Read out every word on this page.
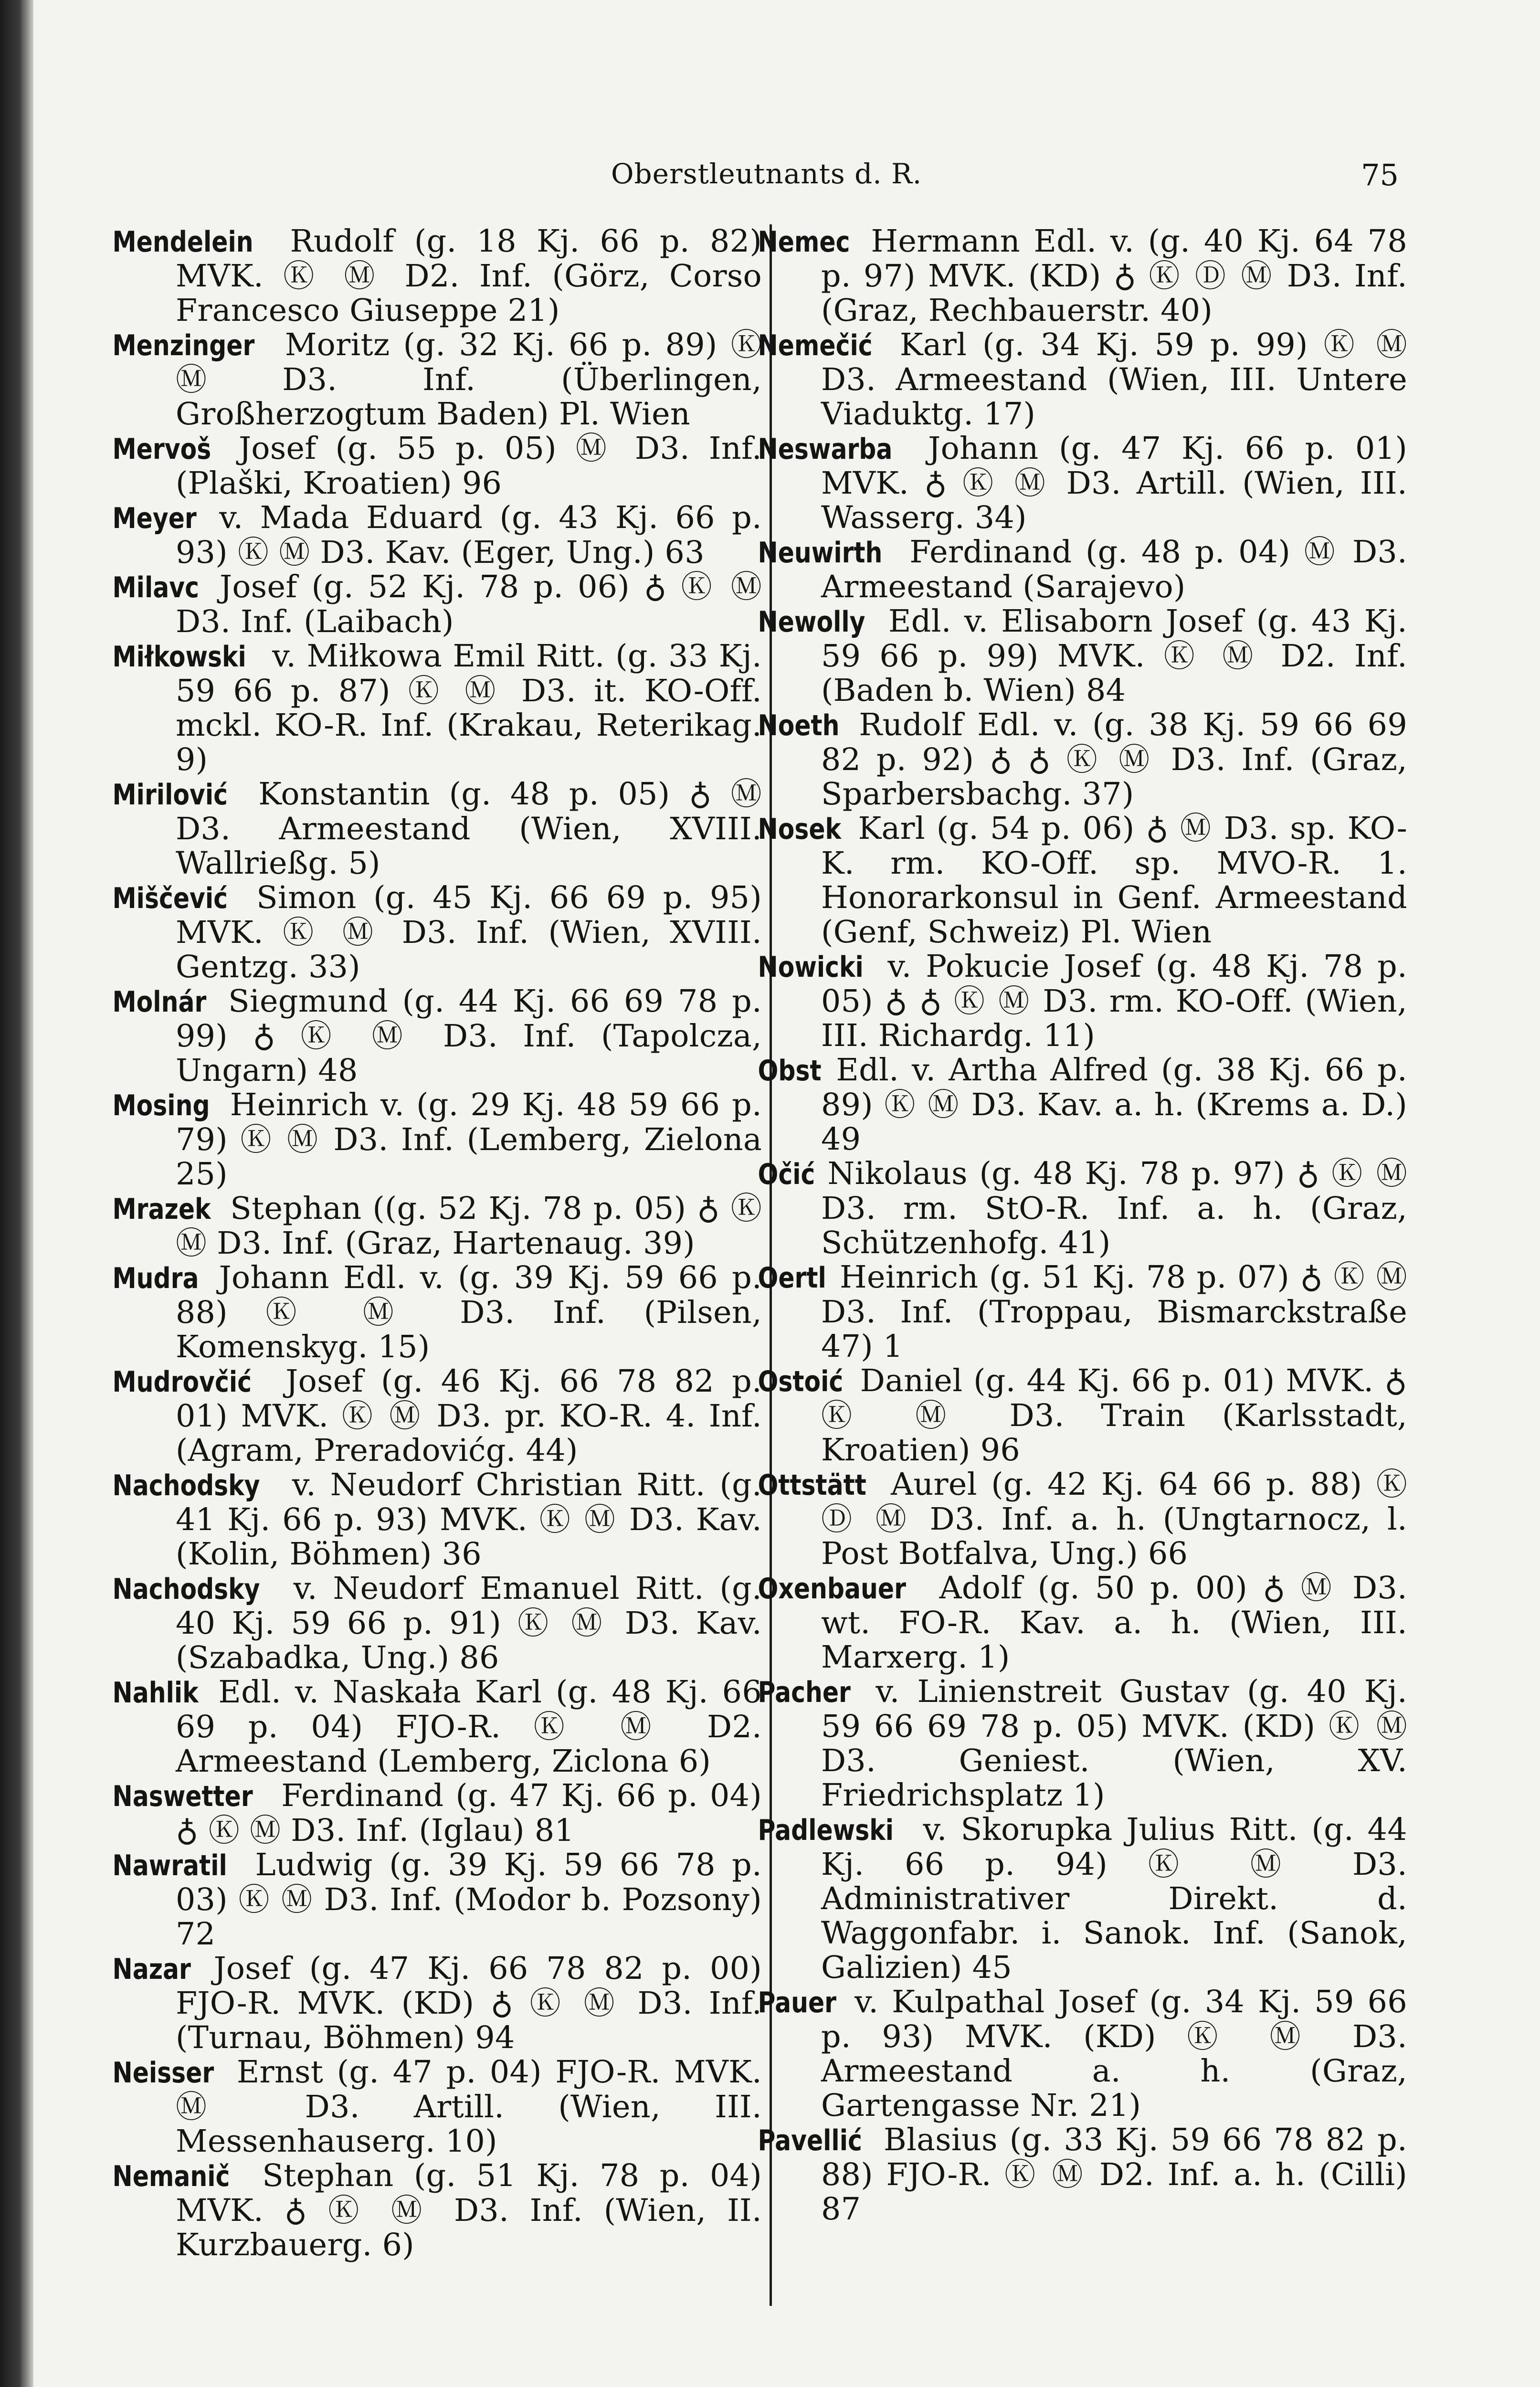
Oberstleutnants d. R.	75

Mendelein Rudolf (g. 18 Kj. 66 p. 82) MVK. Ⓚ Ⓜ D2. Inf. (Görz, Corso Francesco Giuseppe 21)

Menzinger Moritz (g. 32 Kj. 66 p. 89) Ⓚ ⓂD3. Inf. (Überlingen, Großherzogtum Baden) Pl. Wien

Mervoš Josef (g. 55 p. 05) Ⓜ D3. Inf. (Plaški, Kroatien) 96

Meyer v. Mada Eduard (g. 43 Kj. 66 p. 93) Ⓚ Ⓜ D3. Kav. (Eger, Ung.) 63

Milavc Josef (g. 52 Kj. 78 p. 06) ♁ Ⓚ Ⓜ D3. Inf. (Laibach)

Miłkowski v. Miłkowa Emil Ritt. (g. 33 Kj. 59 66 p. 87) Ⓚ Ⓜ D3. it. KO-Off. mckl. KO-R. Inf. (Krakau, Reterikag. 9)

Mirilović Konstantin (g. 48 p. 05) ♁ Ⓜ D3. Armeestand (Wien, XVIII. Wallrießg. 5)

Miščević Simon (g. 45 Kj. 66 69 p. 95) MVK. Ⓚ Ⓜ D3. Inf. (Wien, XVIII. Gentzg. 33)

Molnár Siegmund (g. 44 Kj. 66 69 78 p. 99) ♁ Ⓚ Ⓜ D3. Inf. (Tapolcza, Ungarn) 48

Mosing Heinrich v. (g. 29 Kj. 48 59 66 p. 79) Ⓚ Ⓜ D3. Inf. (Lemberg, Zielona 25)

Mrazek Stephan ((g. 52 Kj. 78 p. 05) ♁ Ⓚ Ⓜ D3. Inf. (Graz, Hartenaug. 39)

Mudra Johann Edl. v. (g. 39 Kj. 59 66 p. 88) Ⓚ Ⓜ D3. Inf. (Pilsen, Komenskyg. 15)

Mudrovčić Josef (g. 46 Kj. 66 78 82 p. 01) MVK. Ⓚ Ⓜ D3. pr. KO-R. 4. Inf. (Agram, Preradovićg. 44)

Nachodsky v. Neudorf Christian Ritt. (g. 41 Kj. 66 p. 93) MVK. Ⓚ Ⓜ D3. Kav. (Kolin, Böhmen) 36

Nachodsky v. Neudorf Emanuel Ritt. (g. 40 Kj. 59 66 p. 91) Ⓚ Ⓜ D3. Kav. (Szabadka, Ung.) 86

Nahlik Edl. v. Naskała Karl (g. 48 Kj. 66 69 p. 04) FJO-R. Ⓚ Ⓜ D2. Armeestand (Lemberg, Ziclona 6)

Naswetter Ferdinand (g. 47 Kj. 66 p. 04) ♁ Ⓚ Ⓜ D3. Inf. (Iglau) 81

Nawratil Ludwig (g. 39 Kj. 59 66 78 p. 03) Ⓚ Ⓜ D3. Inf. (Modor b. Pozsony) 72

Nazar Josef (g. 47 Kj. 66 78 82 p. 00) FJO-R. MVK. (KD) ♁ Ⓚ Ⓜ D3. Inf. (Turnau, Böhmen) 94

Neisser Ernst (g. 47 p. 04) FJO-R. MVK. Ⓜ D3. Artill. (Wien, III. Messenhauserg. 10)

Nemanič Stephan (g. 51 Kj. 78 p. 04) MVK. ♁ Ⓚ Ⓜ D3. Inf. (Wien, II. Kurzbauerg. 6)

Nemec Hermann Edl. v. (g. 40 Kj. 64 78 p. 97) MVK. (KD) ♁ Ⓚ Ⓓ Ⓜ D3. Inf. (Graz, Rechbauerstr. 40)

Nemečić Karl (g. 34 Kj. 59 p. 99) Ⓚ Ⓜ D3. Armeestand (Wien, III. Untere Viaduktg. 17)

Neswarba Johann (g. 47 Kj. 66 p. 01) MVK. ♁ Ⓚ Ⓜ D3. Artill. (Wien, III. Wasserg. 34)

Neuwirth Ferdinand (g. 48 p. 04) Ⓜ D3. Armeestand (Sarajevo)

Newolly Edl. v. Elisaborn Josef (g. 43 Kj. 59 66 p. 99) MVK. Ⓚ Ⓜ D2. Inf. (Baden b. Wien) 84

Noeth Rudolf Edl. v. (g. 38 Kj. 59 66 69 82 p. 92) ♁ ♁ Ⓚ Ⓜ D3. Inf. (Graz, Sparbersbachg. 37)

Nosek Karl (g. 54 p. 06) ♁ Ⓜ D3. sp. KO-K. rm. KO-Off. sp. MVO-R. 1. Honorarkonsul in Genf. Armeestand (Genf, Schweiz) Pl. Wien

Nowicki v. Pokucie Josef (g. 48 Kj. 78 p. 05) ♁ ♁ Ⓚ Ⓜ D3. rm. KO-Off. (Wien, III. Richardg. 11)

Obst Edl. v. Artha Alfred (g. 38 Kj. 66 p. 89) Ⓚ Ⓜ D3. Kav. a. h. (Krems a. D.) 49

Očić Nikolaus (g. 48 Kj. 78 p. 97) ♁ Ⓚ Ⓜ D3. rm. StO-R. Inf. a. h. (Graz, Schützenhofg. 41)

Oertl Heinrich (g. 51 Kj. 78 p. 07) ♁ Ⓚ Ⓜ D3. Inf. (Troppau, Bismarckstraße 47) 1

Ostoić Daniel (g. 44 Kj. 66 p. 01) MVK. ♁ Ⓚ Ⓜ D3. Train (Karlsstadt, Kroatien) 96

Ottstätt Aurel (g. 42 Kj. 64 66 p. 88) Ⓚ Ⓓ Ⓜ D3. Inf. a. h. (Ungtarnocz, l. Post Botfalva, Ung.) 66

Oxenbauer Adolf (g. 50 p. 00) ♁ Ⓜ D3. wt. FO-R. Kav. a. h. (Wien, III. Marxerg. 1)

Pacher v. Linienstreit Gustav (g. 40 Kj. 59 66 69 78 p. 05) MVK. (KD) Ⓚ Ⓜ D3. Geniest. (Wien, XV. Friedrichsplatz 1)

Padlewski v. Skorupka Julius Ritt. (g. 44 Kj. 66 p. 94) Ⓚ Ⓜ D3. Administrativer Direkt. d. Waggonfabr. i. Sanok. Inf. (Sanok, Galizien) 45

Pauer v. Kulpathal Josef (g. 34 Kj. 59 66 p. 93) MVK. (KD) Ⓚ Ⓜ D3. Armeestand a. h. (Graz, Gartengasse Nr. 21)

Pavellić Blasius (g. 33 Kj. 59 66 78 82 p. 88) FJO-R. Ⓚ Ⓜ D2. Inf. a. h. (Cilli) 87
